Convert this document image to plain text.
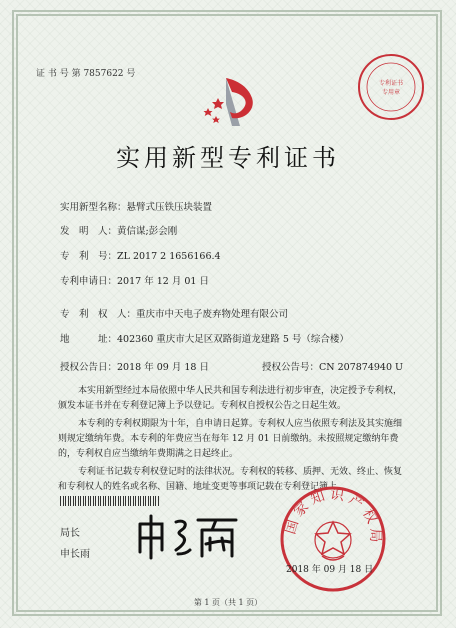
专利证书
专用章
证 书 号 第 7857622 号
实用新型专利证书
实用新型名称：悬臂式压铁压块装置
发　明　人：黄信谋;彭会刚
专　利　号：ZL 2017 2 1656166.4
专利申请日：2017 年 12 月 01 日
专　利　权　人：重庆市中天电子废弃物处理有限公司
地　　　址：402360 重庆市大足区双路街道龙建路 5 号（综合楼）
授权公告日：2018 年 09 月 18 日	授权公告号：CN 207874940 U

本实用新型经过本局依照中华人民共和国专利法进行初步审查，决定授予专利权，颁发本证书并在专利登记簿上予以登记。专利权自授权公告之日起生效。

本专利的专利权期限为十年，自申请日起算。专利权人应当依照专利法及其实施细则规定缴纳年费。本专利的年费应当在每年 12 月 01 日前缴纳。未按照规定缴纳年费的，专利权自应当缴纳年费期满之日起终止。

专利证书记载专利权登记时的法律状况。专利权的转移、质押、无效、终止、恢复和专利权人的姓名或名称、国籍、地址变更等事项记载在专利登记簿上。

局长
申长雨
国家知识产权局
2018 年 09 月 18 日
第 1 页（共 1 页）
